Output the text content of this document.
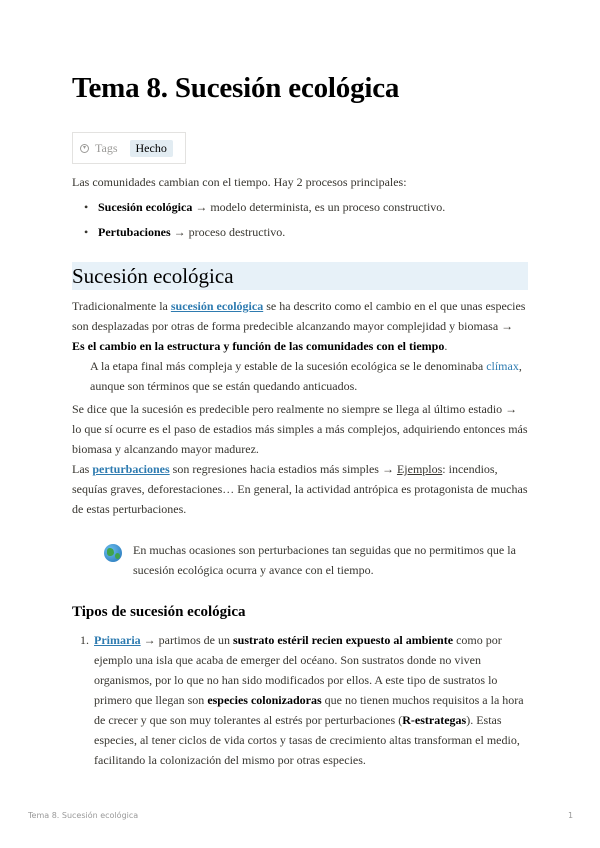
Tema 8. Sucesión ecológica
▾ Tags	Hecho

Las comunidades cambian con el tiempo. Hay 2 procesos principales:

• Sucesión ecológica → modelo determinista, es un proceso constructivo.
• Pertubaciones → proceso destructivo.
Sucesión ecológica

Tradicionalmente la sucesión ecológica se ha descrito como el cambio en el que unas especies son desplazadas por otras de forma predecible alcanzando mayor complejidad y biomasa → Es el cambio en la estructura y función de las comunidades con el tiempo.

A la etapa final más compleja y estable de la sucesión ecológica se le denominaba clímax, aunque son términos que se están quedando anticuados.

Se dice que la sucesión es predecible pero realmente no siempre se llega al último estadio → lo que sí ocurre es el paso de estadios más simples a más complejos, adquiriendo entonces más biomasa y alcanzando mayor madurez.

Las perturbaciones son regresiones hacia estadios más simples → Ejemplos: incendios, sequías graves, deforestaciones… En general, la actividad antrópica es protagonista de muchas de estas perturbaciones.

En muchas ocasiones son perturbaciones tan seguidas que no permitimos que la sucesión ecológica ocurra y avance con el tiempo.
Tipos de sucesión ecológica
1. Primaria → partimos de un sustrato estéril recien expuesto al ambiente como por ejemplo una isla que acaba de emerger del océano. Son sustratos donde no viven organismos, por lo que no han sido modificados por ellos. A este tipo de sustratos lo primero que llegan son especies colonizadoras que no tienen muchos requisitos a la hora de crecer y que son muy tolerantes al estrés por perturbaciones (R-estrategas). Estas especies, al tener ciclos de vida cortos y tasas de crecimiento altas transforman el medio, facilitando la colonización del mismo por otras especies.
Tema 8. Sucesión ecológica	1
